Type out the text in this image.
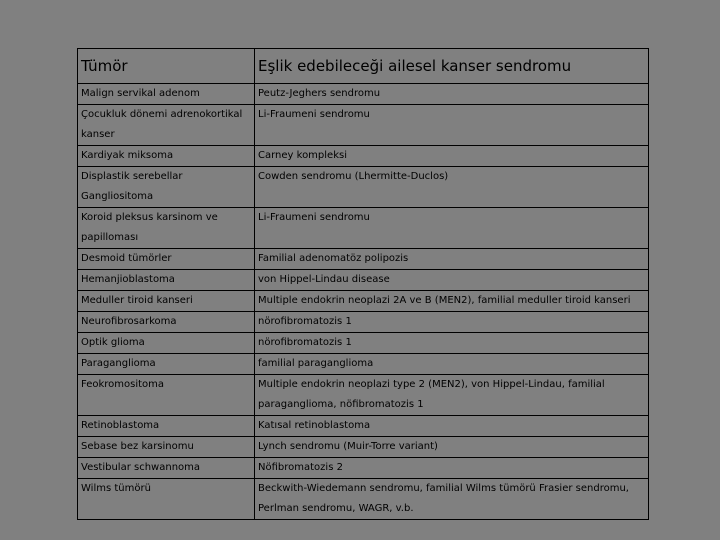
Tümör	Eşlik edebileceği ailesel kanser sendromu
Malign servikal adenom	Peutz-Jeghers sendromu
Çocukluk dönemi adrenokortikal kanser	Li-Fraumeni sendromu
Kardiyak miksoma	Carney kompleksi
Displastik serebellar Gangliositoma	Cowden sendromu (Lhermitte-Duclos)
Koroid pleksus karsinom ve papilloması	Li-Fraumeni sendromu
Desmoid tümörler	Familial adenomatöz polipozis
Hemanjioblastoma	von Hippel-Lindau disease
Meduller tiroid kanseri	Multiple endokrin neoplazi 2A ve B (MEN2), familial meduller tiroid kanseri
Neurofibrosarkoma	nörofibromatozis 1
Optik glioma	nörofibromatozis 1
Paraganglioma	familial paraganglioma
Feokromositoma	Multiple endokrin neoplazi type 2 (MEN2), von Hippel-Lindau, familial paraganglioma, nöfibromatozis 1
Retinoblastoma	Katısal retinoblastoma
Sebase bez karsinomu	Lynch sendromu (Muir-Torre variant)
Vestibular schwannoma	Nöfibromatozis 2
Wilms tümörü	Beckwith-Wiedemann sendromu, familial Wilms tümörü Frasier sendromu, Perlman sendromu, WAGR, v.b.
